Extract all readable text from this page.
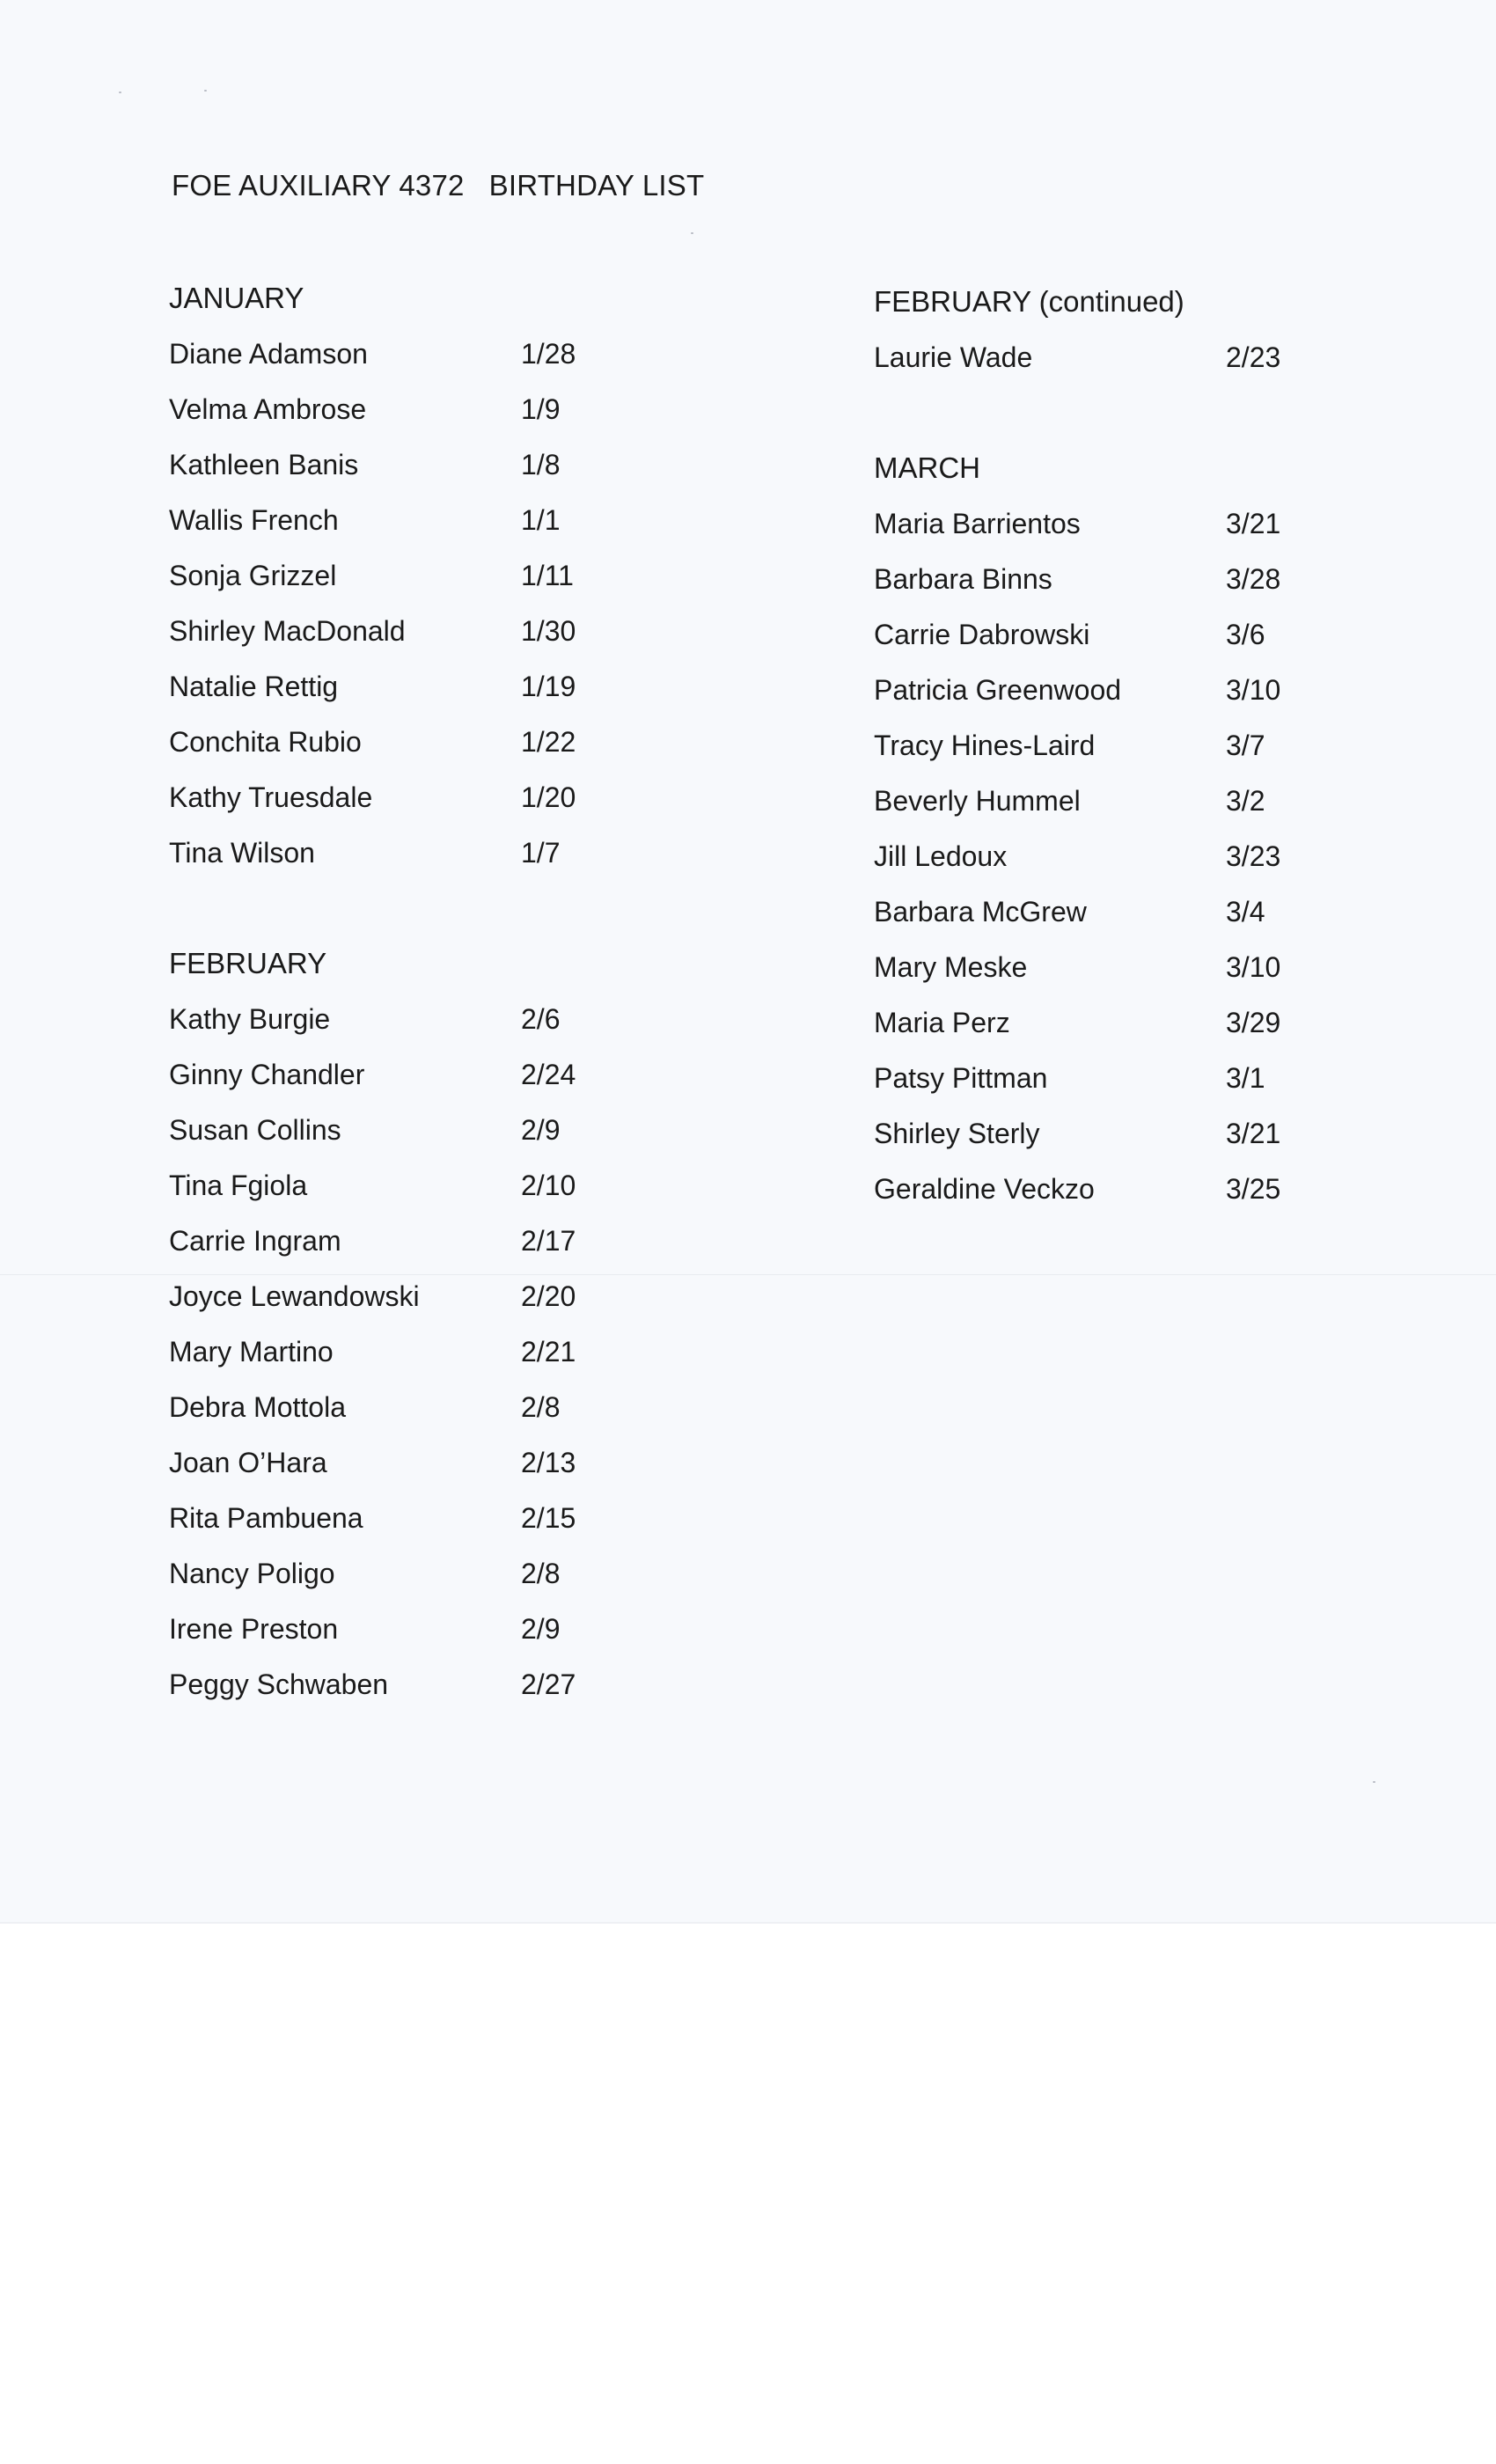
FOE AUXILIARY 4372   BIRTHDAY LIST
JANUARY
Diane Adamson	1/28
Velma Ambrose	1/9
Kathleen Banis	1/8
Wallis French	1/1
Sonja Grizzel	1/11
Shirley MacDonald	1/30
Natalie Rettig	1/19
Conchita Rubio	1/22
Kathy Truesdale	1/20
Tina Wilson	1/7
FEBRUARY
Kathy Burgie	2/6
Ginny Chandler	2/24
Susan Collins	2/9
Tina Fgiola	2/10
Carrie Ingram	2/17
Joyce Lewandowski	2/20
Mary Martino	2/21
Debra Mottola	2/8
Joan O’Hara	2/13
Rita Pambuena	2/15
Nancy Poligo	2/8
Irene Preston	2/9
Peggy Schwaben	2/27
FEBRUARY (continued)
Laurie Wade	2/23
MARCH
Maria Barrientos	3/21
Barbara Binns	3/28
Carrie Dabrowski	3/6
Patricia Greenwood	3/10
Tracy Hines-Laird	3/7
Beverly Hummel	3/2
Jill Ledoux	3/23
Barbara McGrew	3/4
Mary Meske	3/10
Maria Perz	3/29
Patsy Pittman	3/1
Shirley Sterly	3/21
Geraldine Veckzo	3/25
